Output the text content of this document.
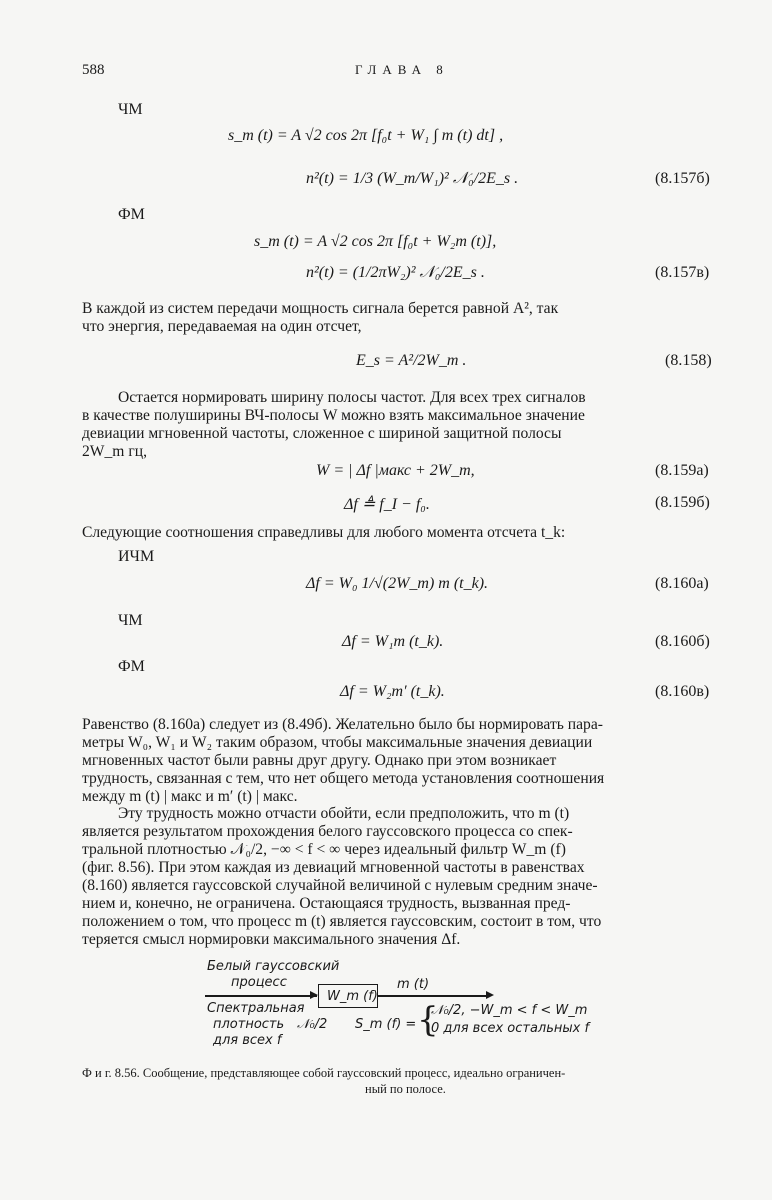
588	ГЛАВА 8
ЧМ
s_m (t) = A √2 cos 2π [f₀t + W₁ ∫ m (t) dt] ,
n²(t) = 1/3 (W_m/W₁)² 𝒩₀/2E_s .	(8.157б)
ФМ
s_m (t) = A √2 cos 2π [f₀t + W₂m (t)],
n²(t) = (1/2πW₂)² 𝒩₀/2E_s .	(8.157в)
В каждой из систем передачи мощность сигнала берется равной A², так
что энергия, передаваемая на один отсчет,
E_s = A²/2W_m .	(8.158)
Остается нормировать ширину полосы частот. Для всех трех сигналов
в качестве полуширины ВЧ-полосы W можно взять максимальное значение
девиации мгновенной частоты, сложенное с шириной защитной полосы
2W_m гц,
W = | Δf |макс + 2W_m,	(8.159а)
Δf ≜ f_I − f₀.	(8.159б)
Следующие соотношения справедливы для любого момента отсчета t_k:
ИЧМ
Δf = W₀ 1/√(2W_m) m (t_k).	(8.160а)
ЧМ
Δf = W₁m (t_k).	(8.160б)
ФМ
Δf = W₂m′ (t_k).	(8.160в)
Равенство (8.160а) следует из (8.49б). Желательно было бы нормировать пара-
метры W₀, W₁ и W₂ таким образом, чтобы максимальные значения девиации
мгновенных частот были равны друг другу. Однако при этом возникает
трудность, связанная с тем, что нет общего метода установления соотношения
между m (t) | макс и m′ (t) | макс.
Эту трудность можно отчасти обойти, если предположить, что m (t)
является результатом прохождения белого гауссовского процесса со спек-
тральной плотностью 𝒩₀/2, −∞ < f < ∞ через идеальный фильтр W_m (f)
(фиг. 8.56). При этом каждая из девиаций мгновенной частоты в равенствах
(8.160) является гауссовской случайной величиной с нулевым средним значе-
нием и, конечно, не ограничена. Остающаяся трудность, вызванная пред-
положением о том, что процесс m (t) является гауссовским, состоит в том, что
теряется смысл нормировки максимального значения Δf.
Белый гауссовский
процесс
W_m (f)
m (t)
Спектральная
плотность 𝒩₀/2
для всех f
S_m (f) = {
𝒩₀/2, −W_m < f < W_m
0 для всех остальных f
Ф и г. 8.56. Сообщение, представляющее собой гауссовский процесс, идеально ограничен-
ный по полосе.
